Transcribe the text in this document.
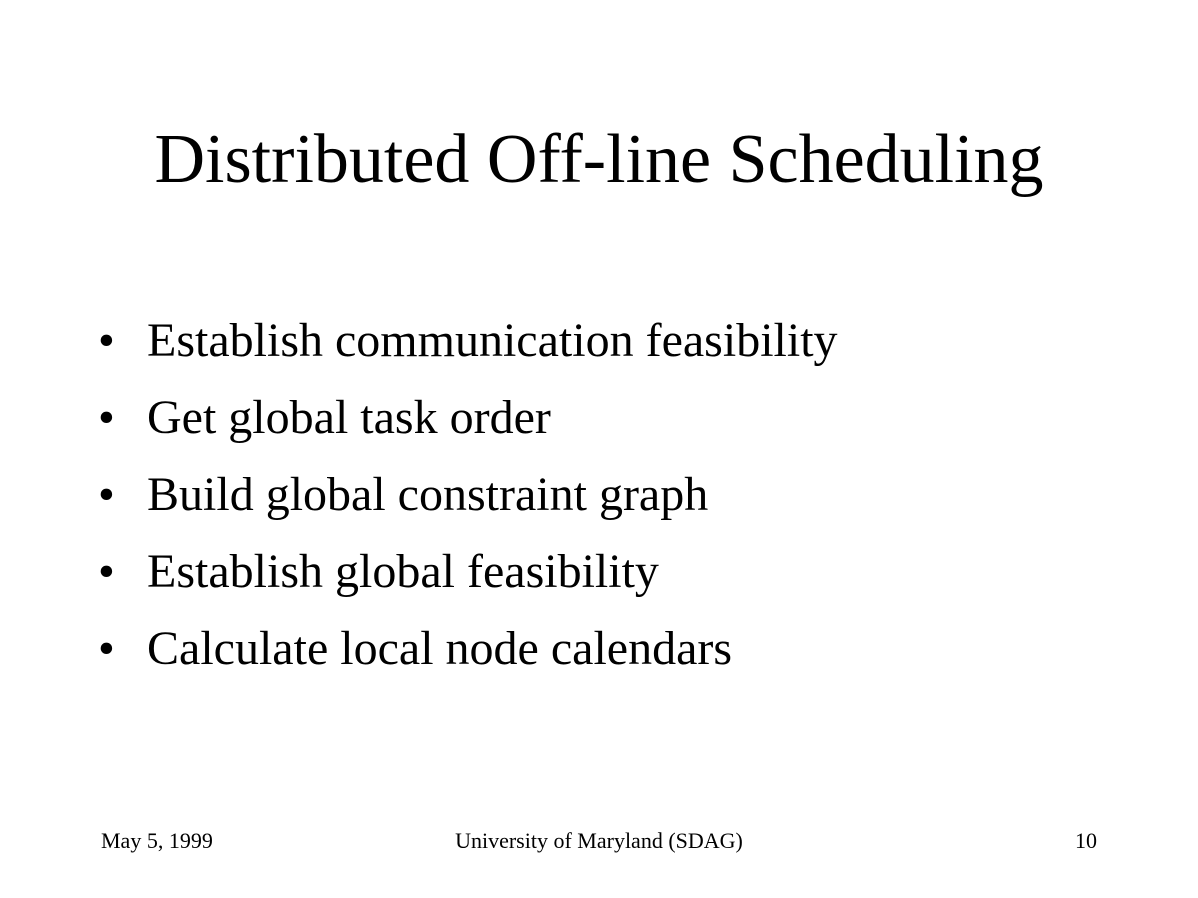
Distributed Off-line Scheduling
• Establish communication feasibility
• Get global task order
• Build global constraint graph
• Establish global feasibility
• Calculate local node calendars
May 5, 1999	University of Maryland (SDAG)	10
